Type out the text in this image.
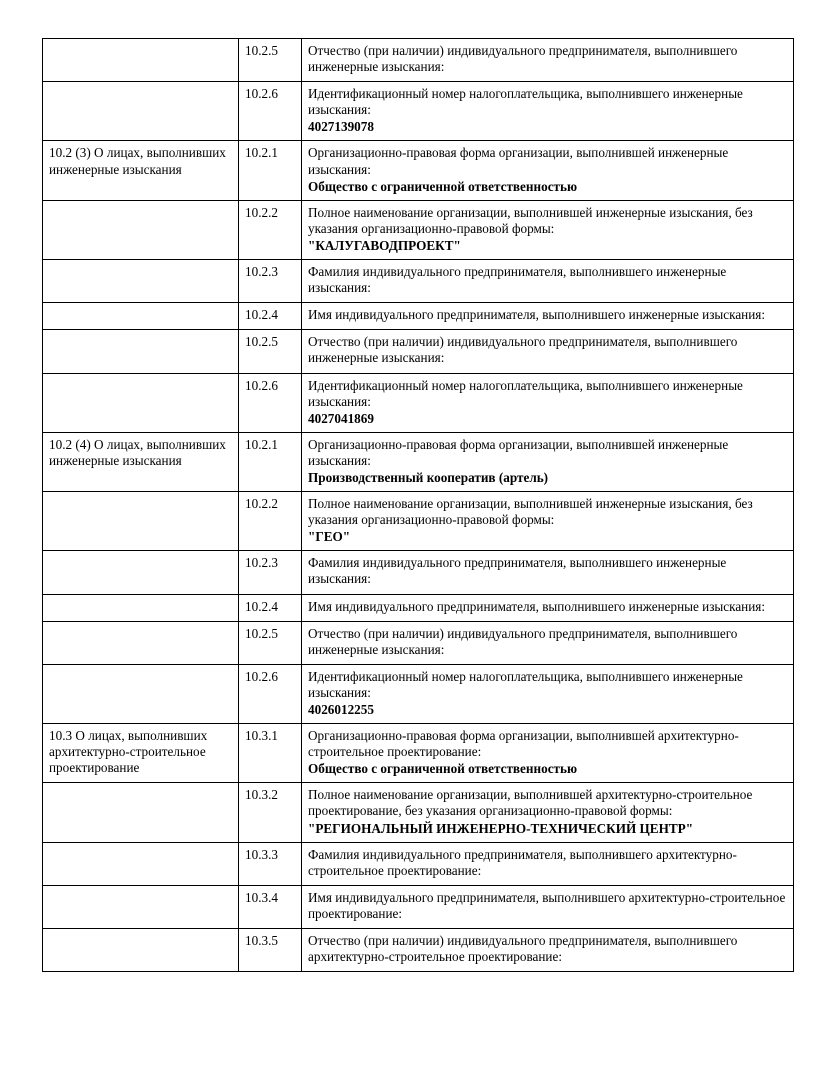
	10.2.5	Отчество (при наличии) индивидуального предпринимателя, выполнившего инженерные изыскания:

	10.2.6	Идентификационный номер налогоплательщика, выполнившего инженерные изыскания:
4027139078

10.2 (3) О лицах, выполнивших инженерные изыскания	10.2.1	Организационно-правовая форма организации, выполнившей инженерные изыскания:
Общество с ограниченной ответственностью

	10.2.2	Полное наименование организации, выполнившей инженерные изыскания, без указания организационно-правовой формы:
"КАЛУГАВОДПРОЕКТ"

	10.2.3	Фамилия индивидуального предпринимателя, выполнившего инженерные изыскания:

	10.2.4	Имя индивидуального предпринимателя, выполнившего инженерные изыскания:

	10.2.5	Отчество (при наличии) индивидуального предпринимателя, выполнившего инженерные изыскания:

	10.2.6	Идентификационный номер налогоплательщика, выполнившего инженерные изыскания:
4027041869

10.2 (4) О лицах, выполнивших инженерные изыскания	10.2.1	Организационно-правовая форма организации, выполнившей инженерные изыскания:
Производственный кооператив (артель)

	10.2.2	Полное наименование организации, выполнившей инженерные изыскания, без указания организационно-правовой формы:
"ГЕО"

	10.2.3	Фамилия индивидуального предпринимателя, выполнившего инженерные изыскания:

	10.2.4	Имя индивидуального предпринимателя, выполнившего инженерные изыскания:

	10.2.5	Отчество (при наличии) индивидуального предпринимателя, выполнившего инженерные изыскания:

	10.2.6	Идентификационный номер налогоплательщика, выполнившего инженерные изыскания:
4026012255

10.3 О лицах, выполнивших архитектурно-строительное проектирование	10.3.1	Организационно-правовая форма организации, выполнившей архитектурно-строительное проектирование:
Общество с ограниченной ответственностью

	10.3.2	Полное наименование организации, выполнившей архитектурно-строительное проектирование, без указания организационно-правовой формы:
"РЕГИОНАЛЬНЫЙ ИНЖЕНЕРНО-ТЕХНИЧЕСКИЙ ЦЕНТР"

	10.3.3	Фамилия индивидуального предпринимателя, выполнившего архитектурно-строительное проектирование:

	10.3.4	Имя индивидуального предпринимателя, выполнившего архитектурно-строительное проектирование:

	10.3.5	Отчество (при наличии) индивидуального предпринимателя, выполнившего архитектурно-строительное проектирование:
